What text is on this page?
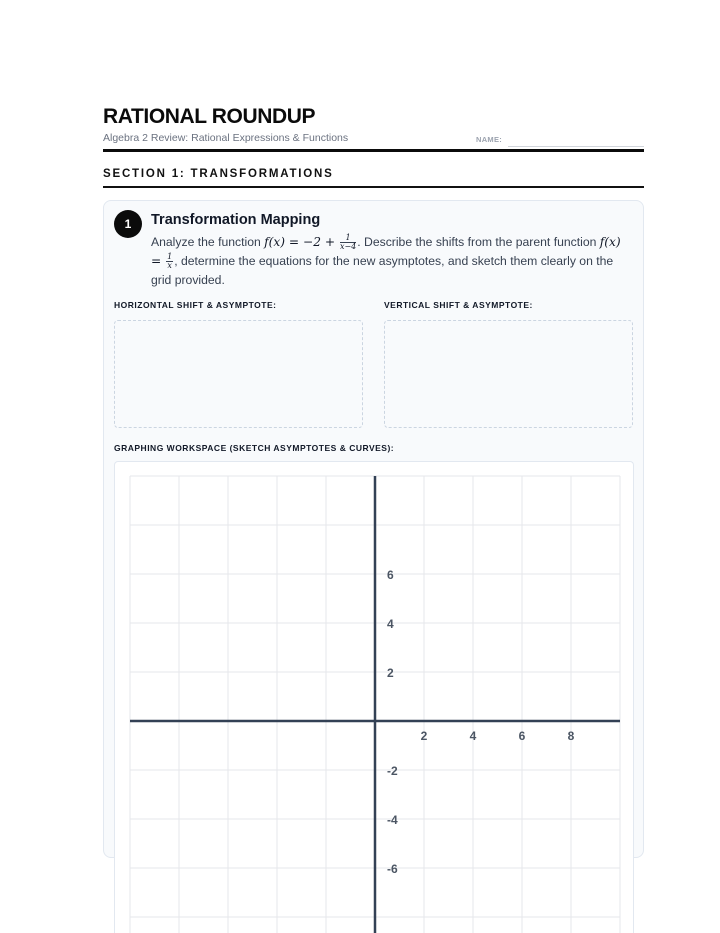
RATIONAL ROUNDUP
Algebra 2 Review: Rational Expressions & Functions	NAME:
SECTION 1: TRANSFORMATIONS
1	Transformation Mapping
Analyze the function $f(x) = -2 + \frac{1}{x-4}$ . Describe the shifts from the parent function $f(x) = \frac{1}{x}$ , determine the equations for the new asymptotes, and sketch them clearly on the grid provided.
HORIZONTAL SHIFT & ASYMPTOTE:	VERTICAL SHIFT & ASYMPTOTE:
GRAPHING WORKSPACE (SKETCH ASYMPTOTES & CURVES):
2	4	6	8
6
4
2
-2
-4
-6
